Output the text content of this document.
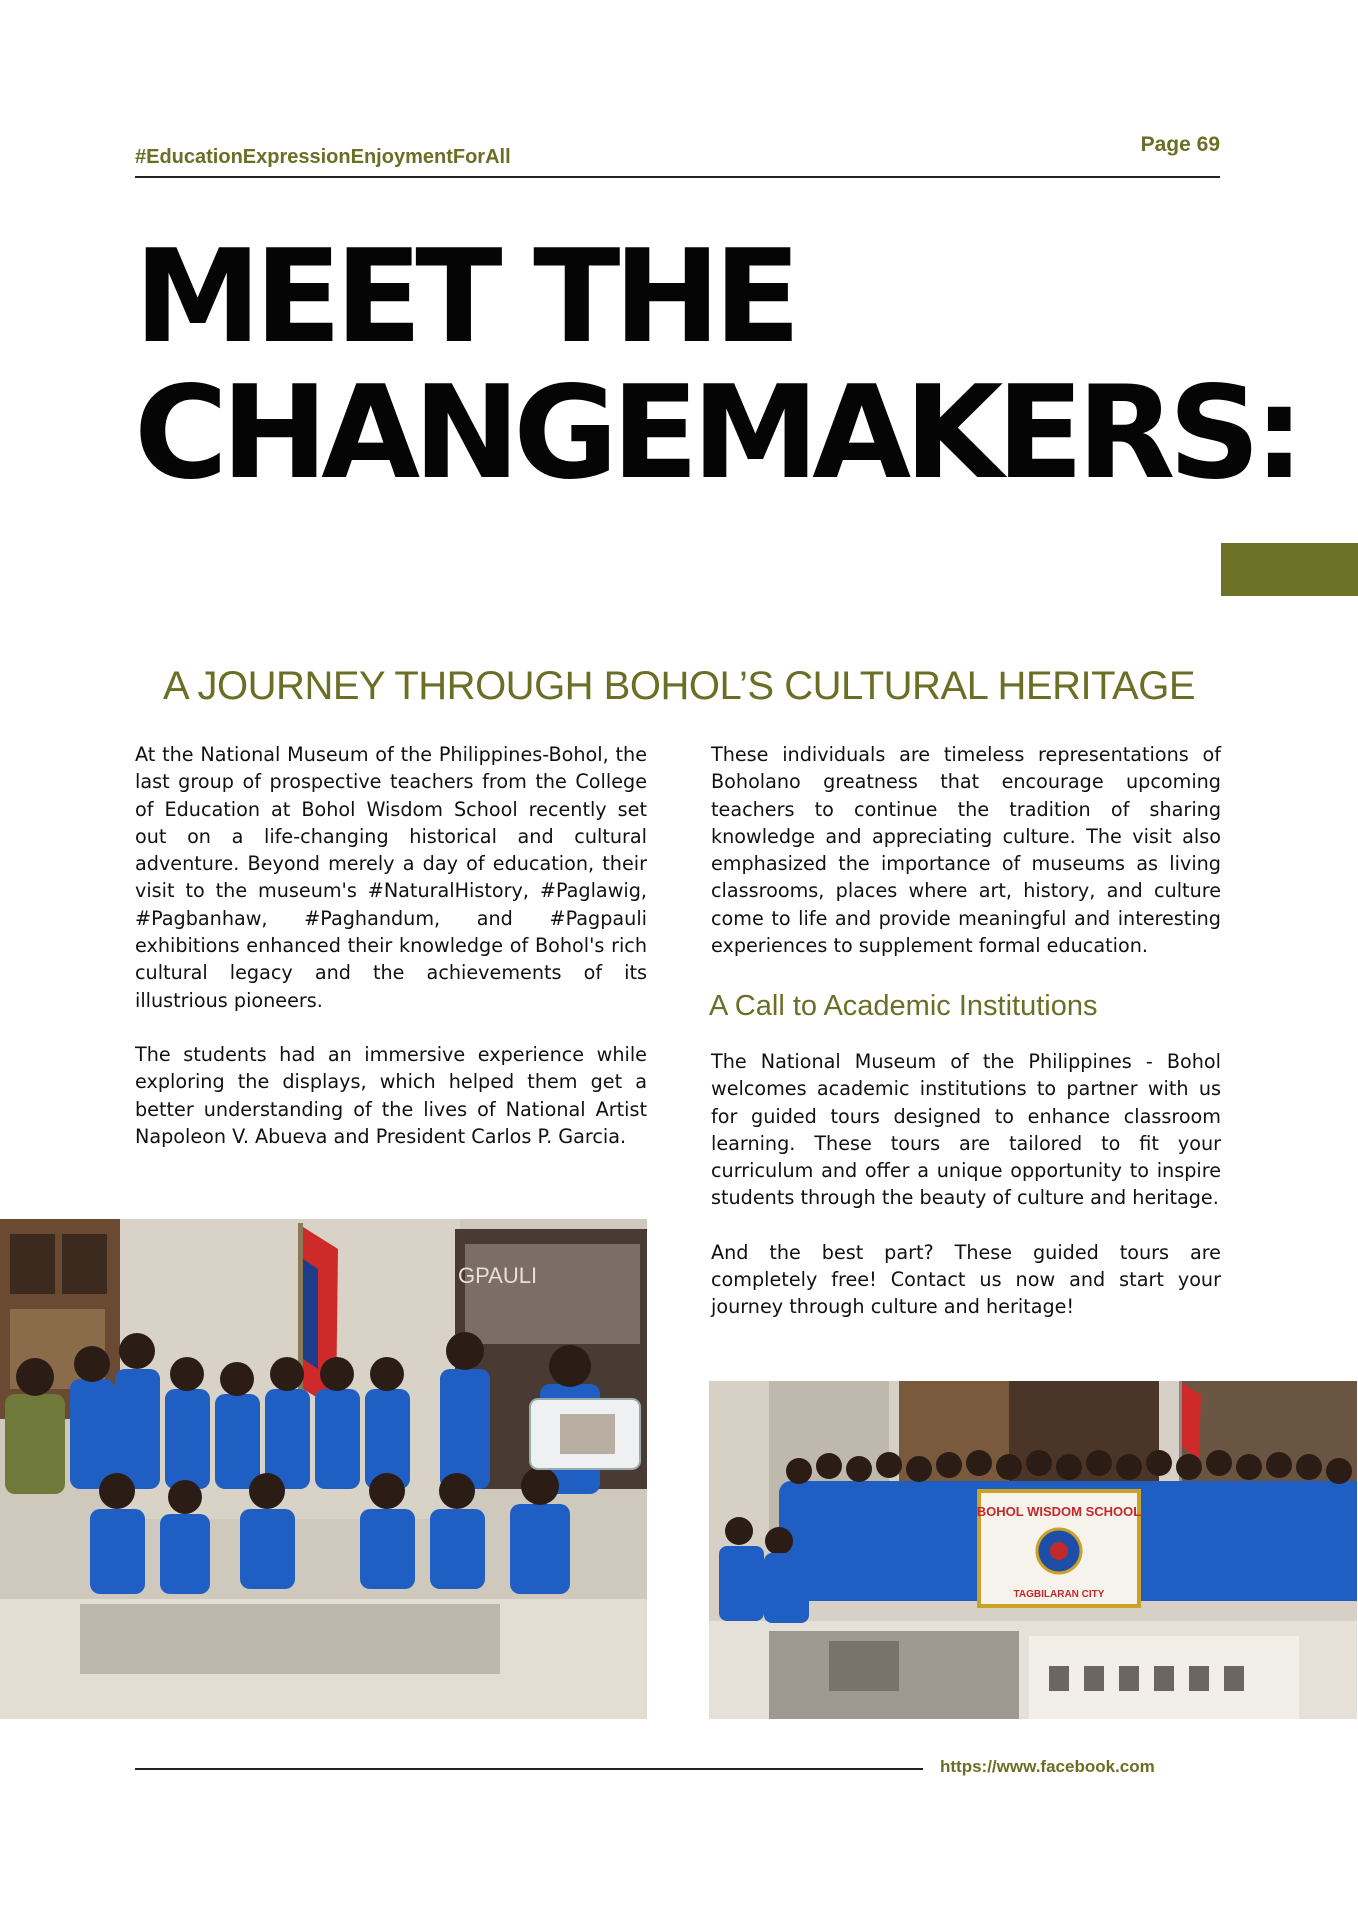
#EducationExpressionEnjoymentForAll
Page 69
MEET THE
CHANGEMAKERS:
A JOURNEY THROUGH BOHOL’S CULTURAL HERITAGE

At the National Museum of the Philippines-Bohol, the last group of prospective teachers from the College of Education at Bohol Wisdom School recently set out on a life-changing historical and cultural adventure. Beyond merely a day of education, their visit to the museum's #NaturalHistory, #Paglawig, #Pagbanhaw, #Paghandum, and #Pagpauli exhibitions enhanced their knowledge of Bohol's rich cultural legacy and the achievements of its illustrious pioneers.

The students had an immersive experience while exploring the displays, which helped them get a better understanding of the lives of National Artist Napoleon V. Abueva and President Carlos P. Garcia.

These individuals are timeless representations of Boholano greatness that encourage upcoming teachers to continue the tradition of sharing knowledge and appreciating culture. The visit also emphasized the importance of museums as living classrooms, places where art, history, and culture come to life and provide meaningful and interesting experiences to supplement formal education.

A Call to Academic Institutions

The National Museum of the Philippines - Bohol welcomes academic institutions to partner with us for guided tours designed to enhance classroom learning. These tours are tailored to fit your curriculum and offer a unique opportunity to inspire students through the beauty of culture and heritage.

And the best part? These guided tours are completely free! Contact us now and start your journey through culture and heritage!

GPAULI
BOHOL WISDOM SCHOOL
TAGBILARAN CITY
https://www.facebook.com
